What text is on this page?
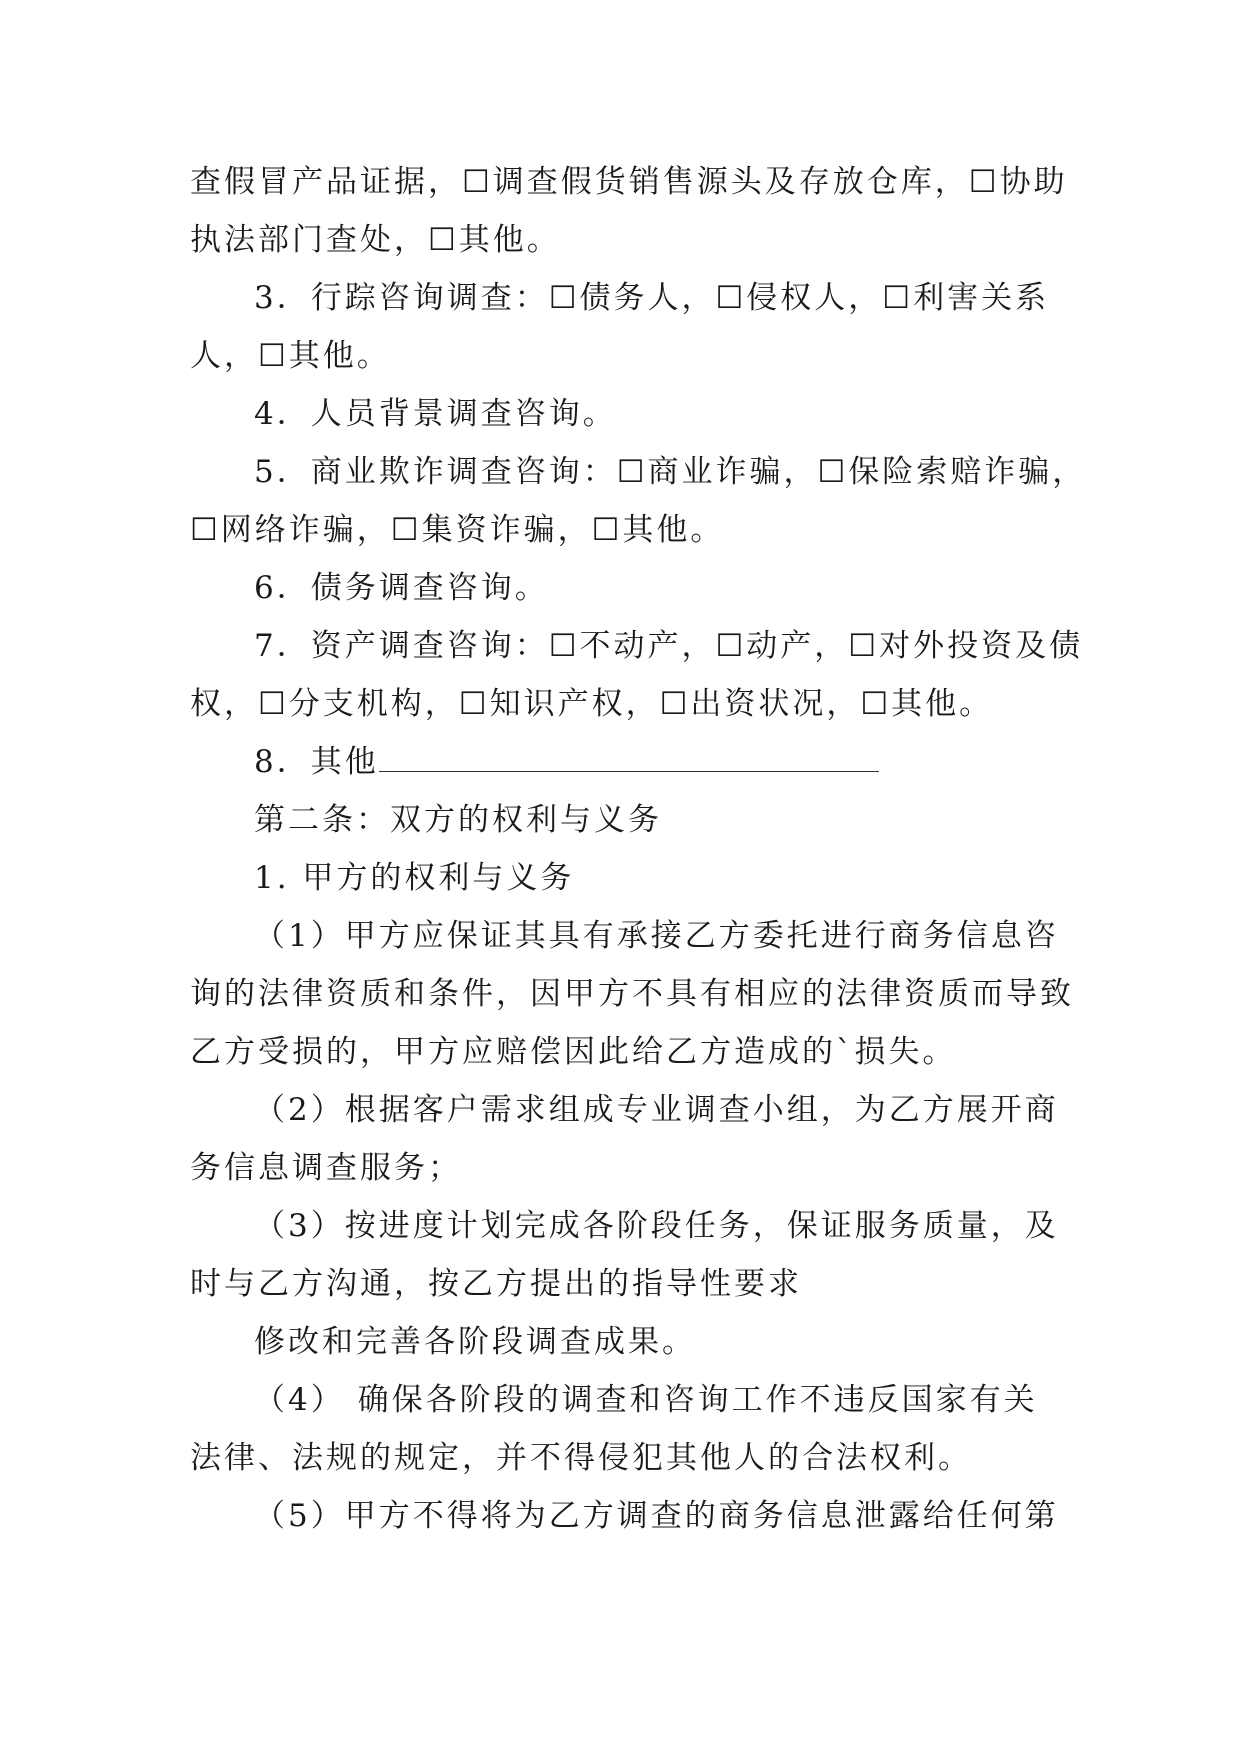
查假冒产品证据，☐调查假货销售源头及存放仓库，☐协助
执法部门查处，☐其他。
3．行踪咨询调查：☐债务人，☐侵权人，☐利害关系
人，☐其他。
4．人员背景调查咨询。
5．商业欺诈调查咨询：☐商业诈骗，☐保险索赔诈骗，
☐网络诈骗，☐集资诈骗，☐其他。
6．债务调查咨询。
7．资产调查咨询：☐不动产，☐动产，☐对外投资及债
权，☐分支机构，☐知识产权，☐出资状况，☐其他。
8．其他
第二条：双方的权利与义务
1. 甲方的权利与义务
（1）甲方应保证其具有承接乙方委托进行商务信息咨
询的法律资质和条件，因甲方不具有相应的法律资质而导致
乙方受损的，甲方应赔偿因此给乙方造成的`损失。
（2）根据客户需求组成专业调查小组，为乙方展开商
务信息调查服务；
（3）按进度计划完成各阶段任务，保证服务质量，及
时与乙方沟通，按乙方提出的指导性要求
修改和完善各阶段调查成果。
（4） 确保各阶段的调查和咨询工作不违反国家有关
法律、法规的规定，并不得侵犯其他人的合法权利。
（5）甲方不得将为乙方调查的商务信息泄露给任何第
